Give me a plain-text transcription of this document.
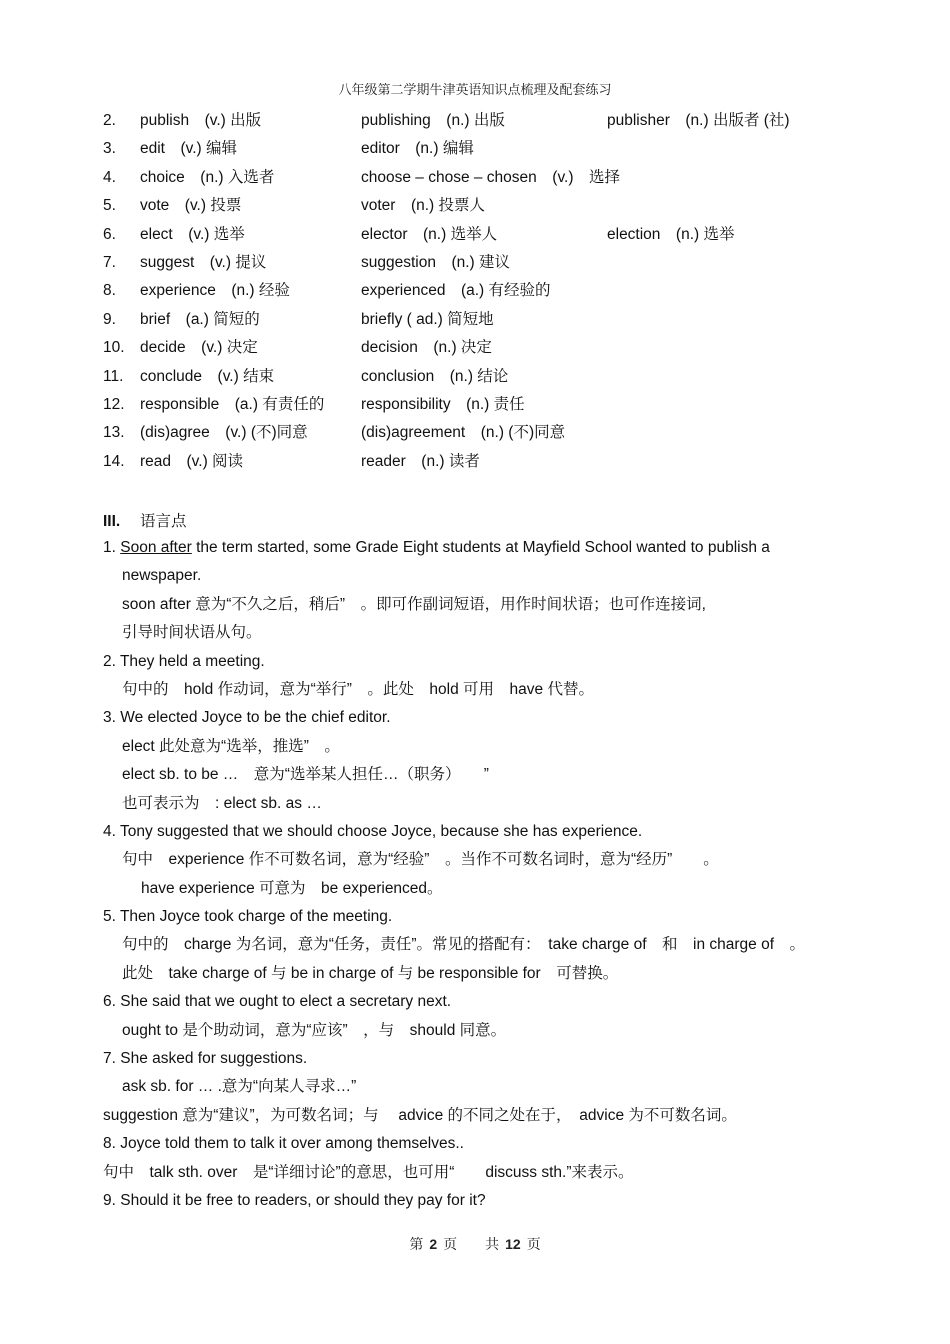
八年级第二学期牛津英语知识点梳理及配套练习
2. publish　(v.) 出版	publishing　(n.) 出版	publisher　(n.) 出版者 (社)
3. edit　(v.) 编辑	editor　(n.) 编辑
4. choice　(n.) 入选者	choose – chose – chosen　(v.)　选择
5. vote　(v.) 投票	voter　(n.) 投票人
6. elect　(v.) 选举	elector　(n.) 选举人	election　(n.) 选举
7. suggest　(v.) 提议	suggestion　(n.) 建议
8. experience　(n.) 经验	experienced　(a.) 有经验的
9. brief　(a.) 简短的	briefly ( ad.) 简短地
10. decide　(v.) 决定	decision　(n.) 决定
11. conclude　(v.) 结束	conclusion　(n.) 结论
12. responsible　(a.) 有责任的 responsibility　(n.) 责任
13. (dis)agree　(v.) (不)同意	(dis)agreement　(n.) (不)同意
14. read　(v.) 阅读	reader　(n.) 读者
III. 语言点
1. Soon after the term started, some Grade Eight students at Mayfield School wanted to publish a
newspaper.
soon after 意为“不久之后，稍后”　。即可作副词短语，用作时间状语；也可作连接词,
引导时间状语从句。
2. They held a meeting.
句中的　hold 作动词，意为“举行”　。此处　hold 可用　have 代替。
3. We elected Joyce to be the chief editor.
elect 此处意为“选举，推选”　。
elect sb. to be …　意为“选举某人担任…（职务）　　”
也可表示为　: elect sb. as …
4. Tony suggested that we should choose Joyce, because she has experience.
句中　experience 作不可数名词，意为“经验”　。当作不可数名词时，意为“经历”　　。
have experience 可意为　be experienced。
5. Then Joyce took charge of the meeting.
句中的　charge 为名词，意为“任务，责任”。常见的搭配有：　take charge of　和　in charge of　。
此处　take charge of 与 be in charge of 与 be responsible for　可替换。
6. She said that we ought to elect a secretary next.
ought to 是个助动词，意为“应该”　，与　should 同意。
7. She asked for suggestions.
ask sb. for … .意为“向某人寻求…”
suggestion 意为“建议”，为可数名词；与　 advice 的不同之处在于，　advice 为不可数名词。
8. Joyce told them to talk it over among themselves..
句中　talk sth. over　是“详细讨论”的意思，也可用“　　discuss sth.”来表示。
9. Should it be free to readers, or should they pay for it?
第 2 页　　共 12 页
